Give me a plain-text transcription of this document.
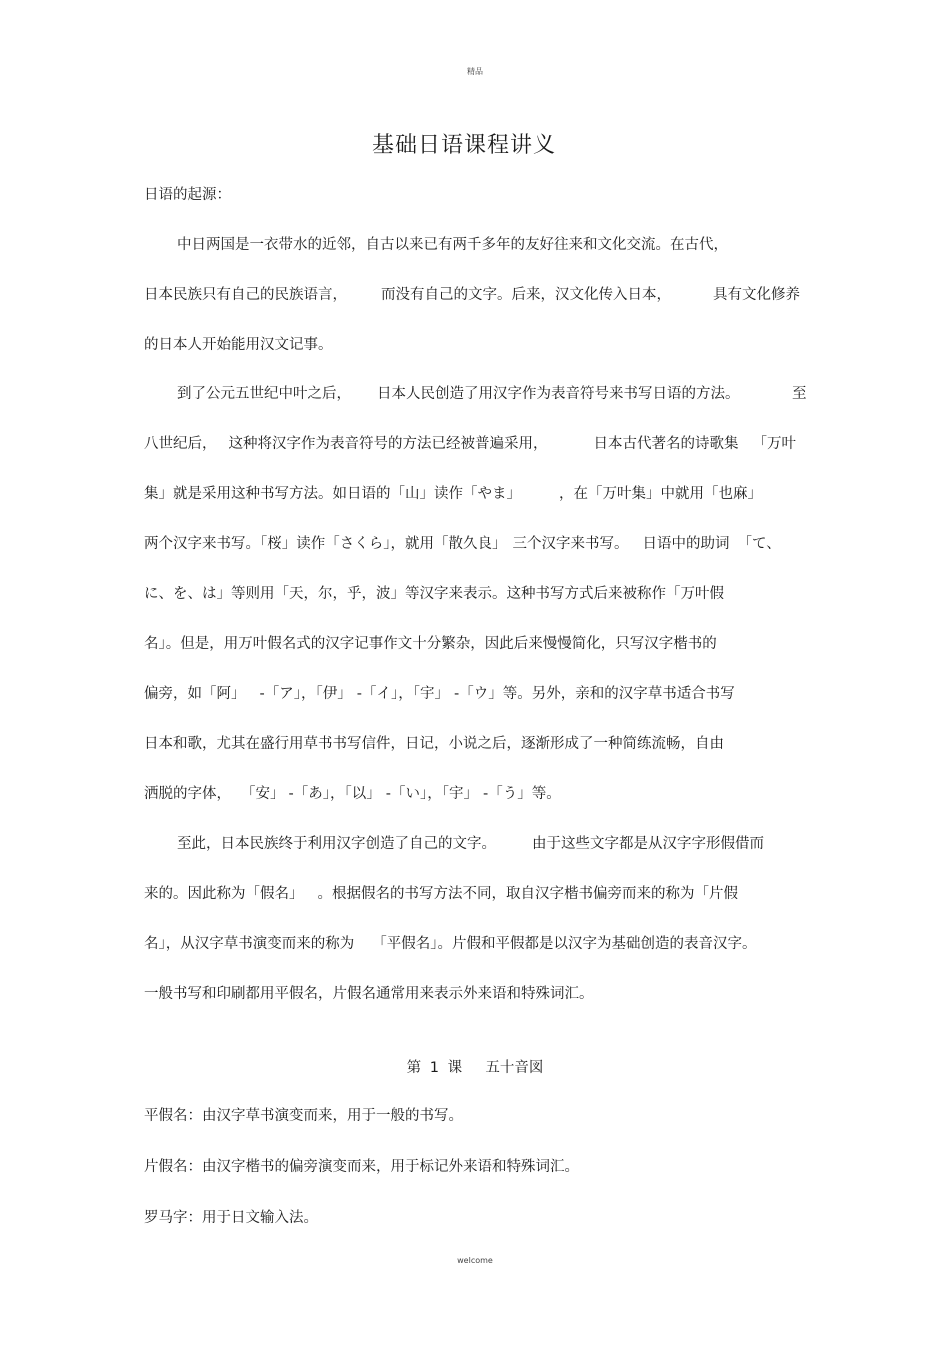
精品
基础日语课程讲义
日语的起源：
中日两国是一衣带水的近邻，自古以来已有两千多年的友好往来和文化交流。在古代，
日本民族只有自己的民族语言， 而没有自己的文字。后来，汉文化传入日本，	具有文化修养
的日本人开始能用汉文记事。
到了公元五世纪中叶之后， 日本人民创造了用汉字作为表音符号来书写日语的方法。	至
八世纪后， 这种将汉字作为表音符号的方法已经被普遍采用，	日本古代著名的诗歌集 「万叶
集」就是采用这种书写方法。如日语的「山」读作「やま」	，在「万叶集」中就用「也麻」
两个汉字来书写。「桜」读作「さくら」，就用「散久良」 三个汉字来书写。 日语中的助词 「て、
に、を、は」等则用「天，尔，乎，波」等汉字来表示。这种书写方式后来被称作「万叶假
名」。但是，用万叶假名式的汉字记事作文十分繁杂，因此后来慢慢简化，只写汉字楷书的
偏旁，如「阿」 -「ア」，「伊」 -「イ」，「宇」 -「ウ」等。另外，亲和的汉字草书适合书写
日本和歌，尤其在盛行用草书书写信件，日记，小说之后，逐渐形成了一种简练流畅，自由
洒脱的字体， 「安」 -「あ」，「以」 -「い」，「宇」 -「う」等。
至此，日本民族终于利用汉字创造了自己的文字。 由于这些文字都是从汉字字形假借而
来的。因此称为「假名」 。根据假名的书写方法不同，取自汉字楷书偏旁而来的称为「片假
名」，从汉字草书演变而来的称为 「平假名」。片假和平假都是以汉字为基础创造的表音汉字。
一般书写和印刷都用平假名，片假名通常用来表示外来语和特殊词汇。
第 1 课 五十音図
平假名：由汉字草书演变而来，用于一般的书写。
片假名：由汉字楷书的偏旁演变而来，用于标记外来语和特殊词汇。
罗马字：用于日文输入法。
welcome
